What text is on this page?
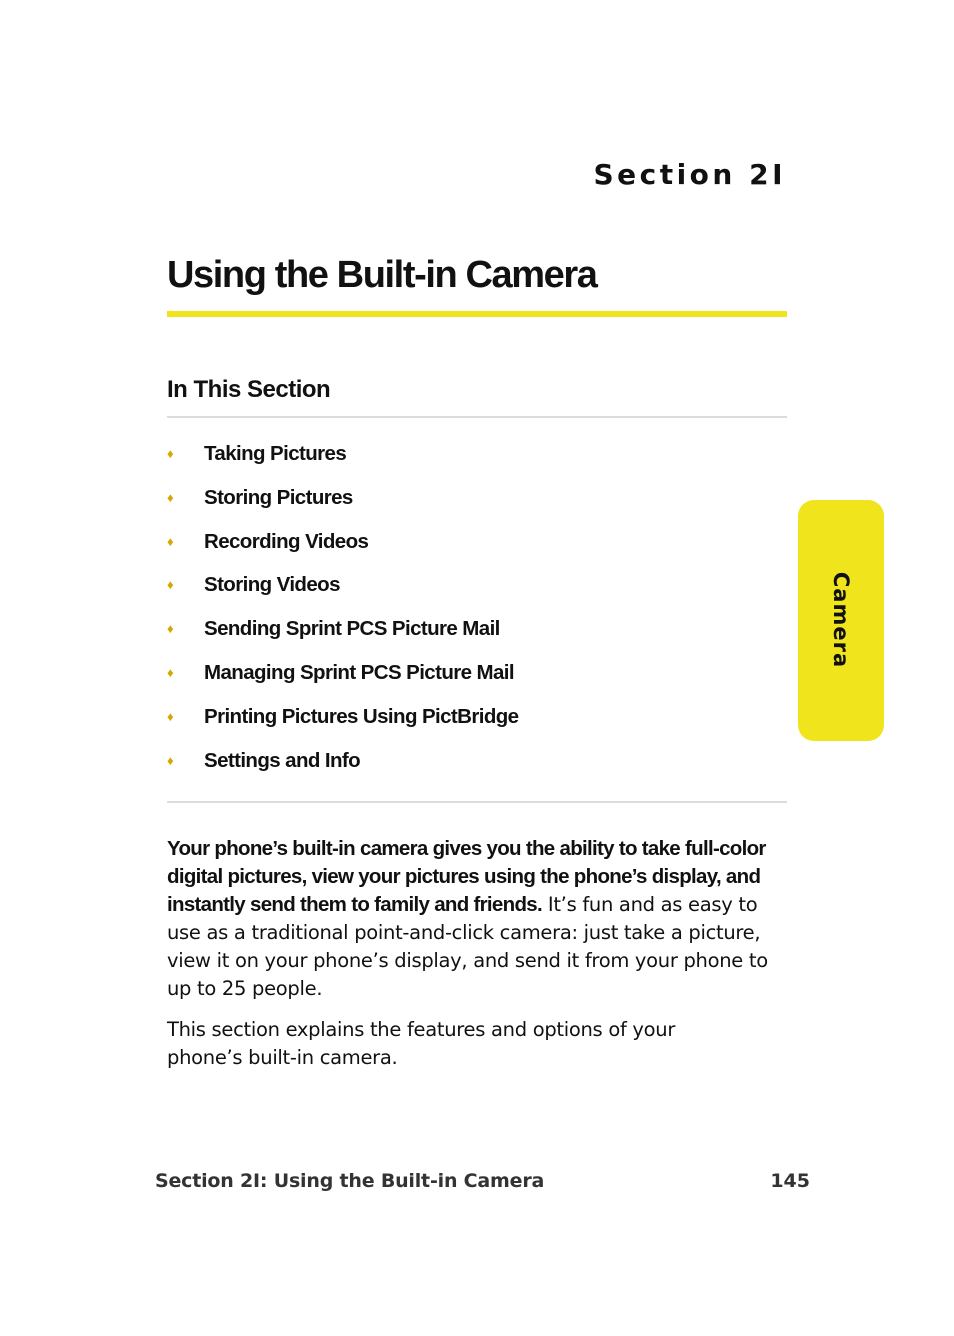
Section 2I
Using the Built-in Camera
In This Section
♦	Taking Pictures
♦	Storing Pictures
♦	Recording Videos
♦	Storing Videos
♦	Sending Sprint PCS Picture Mail
♦	Managing Sprint PCS Picture Mail
♦	Printing Pictures Using PictBridge
♦	Settings and Info

Your phone’s built-in camera gives you the ability to take full-color digital pictures, view your pictures using the phone’s display, and instantly send them to family and friends. It’s fun and as easy to use as a traditional point-and-click camera: just take a picture, view it on your phone’s display, and send it from your phone to up to 25 people.

This section explains the features and options of your phone’s built-in camera.

Camera
Section 2I: Using the Built-in Camera	145
